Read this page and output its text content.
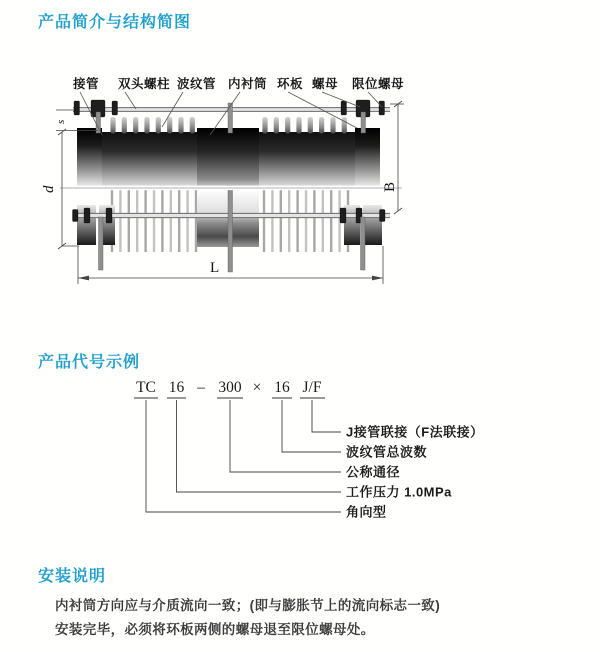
产品简介与结构简图
s
d	B
L
接管 双头螺柱 波纹管 内衬筒 环板 螺母 限位螺母
产品代号示例
TC 16 – 300 × 16 J/F
J接管联接（F法联接）
波纹管总波数
公称通径
工作压力 1.0MPa
角向型
安装说明

内衬筒方向应与介质流向一致；(即与膨胀节上的流向标志一致)

安装完毕，必须将环板两侧的螺母退至限位螺母处。
